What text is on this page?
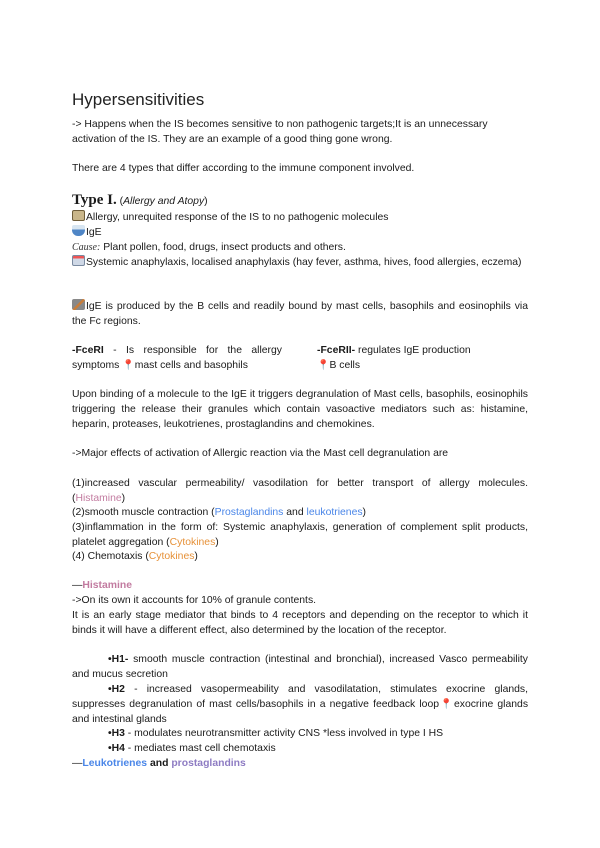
Hypersensitivities

-> Happens when the IS becomes sensitive to non pathogenic targets;It is an unnecessary activation of the IS. They are an example of a good thing gone wrong.

There are 4 types that differ according to the immune component involved.

Type I. (Allergy and Atopy)

Allergy, unrequited response of the IS to no pathogenic molecules

IgE

Cause: Plant pollen, food, drugs, insect products and others.

Systemic anaphylaxis, localised anaphylaxis (hay fever, asthma, hives, food allergies, eczema)

IgE is produced by the B cells and readily bound by mast cells, basophils and eosinophils via the Fc regions.

-FceRI - Is responsible for the allergy symptoms 📍mast cells and basophils
-FceRII- regulates IgE production
📍B cells

Upon binding of a molecule to the IgE it triggers degranulation of Mast cells, basophils, eosinophils triggering the release their granules which contain vasoactive mediators such as: histamine, heparin, proteases, leukotrienes, prostaglandins and chemokines.

->Major effects of activation of Allergic reaction via the Mast cell degranulation are

(1)increased vascular permeability/ vasodilation for better transport of allergy molecules. (Histamine)

(2)smooth muscle contraction (Prostaglandins and leukotrienes)

(3)inflammation in the form of: Systemic anaphylaxis, generation of complement split products, platelet aggregation (Cytokines)

(4) Chemotaxis (Cytokines)

—Histamine

->On its own it accounts for 10% of granule contents.

It is an early stage mediator that binds to 4 receptors and depending on the receptor to which it binds it will have a different effect, also determined by the location of the receptor.

•H1- smooth muscle contraction (intestinal and bronchial), increased Vasco permeability and mucus secretion

•H2 - increased vasopermeability and vasodilatation, stimulates exocrine glands, suppresses degranulation of mast cells/basophils in a negative feedback loop📍exocrine glands and intestinal glands

•H3 - modulates neurotransmitter activity CNS *less involved in type I HS

•H4 - mediates mast cell chemotaxis

—Leukotrienes and prostaglandins
